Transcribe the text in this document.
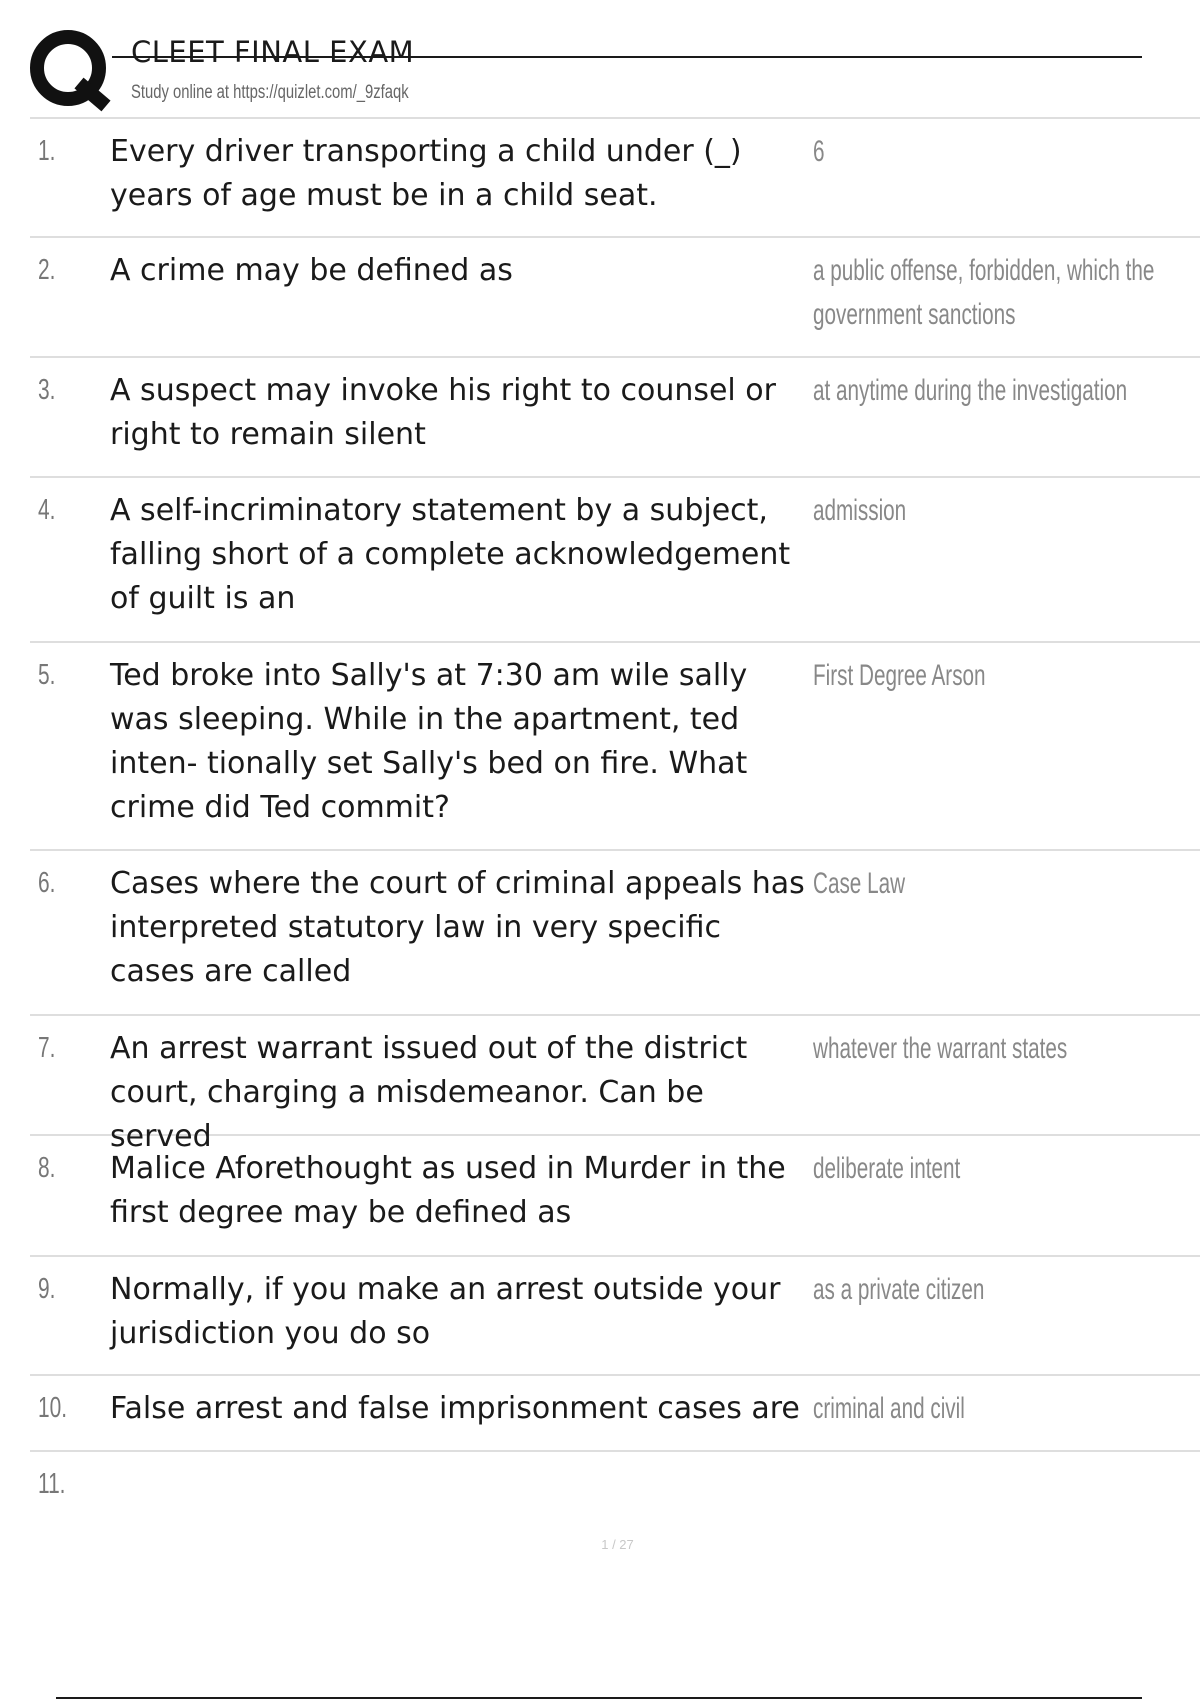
CLEET FINAL EXAM
Study online at https://quizlet.com/_9zfaqk
1. Every driver transporting a child under (_) years of age must be in a child seat.
6
2. A crime may be defined as	a public offense, forbidden, which the government sanctions
3. A suspect may invoke his right to counsel or right to remain silent
at anytime during the investigation
4. A self-incriminatory statement by a subject, falling short of a complete acknowledgement of guilt is an
admission
5. Ted broke into Sally's at 7:30 am wile sally was sleeping. While in the apartment, ted inten- tionally set Sally's bed on fire. What crime did Ted commit?
First Degree Arson
6. Cases where the court of criminal appeals has interpreted statutory law in very specific cases are called
Case Law
7. An arrest warrant issued out of the district court, charging a misdemeanor. Can be served
whatever the warrant states
8. Malice Aforethought as used in Murder in the first degree may be defined as
deliberate intent
9. Normally, if you make an arrest outside your jurisdiction you do so
as a private citizen
10. False arrest and false imprisonment cases are criminal and civil
11.
1 / 27
